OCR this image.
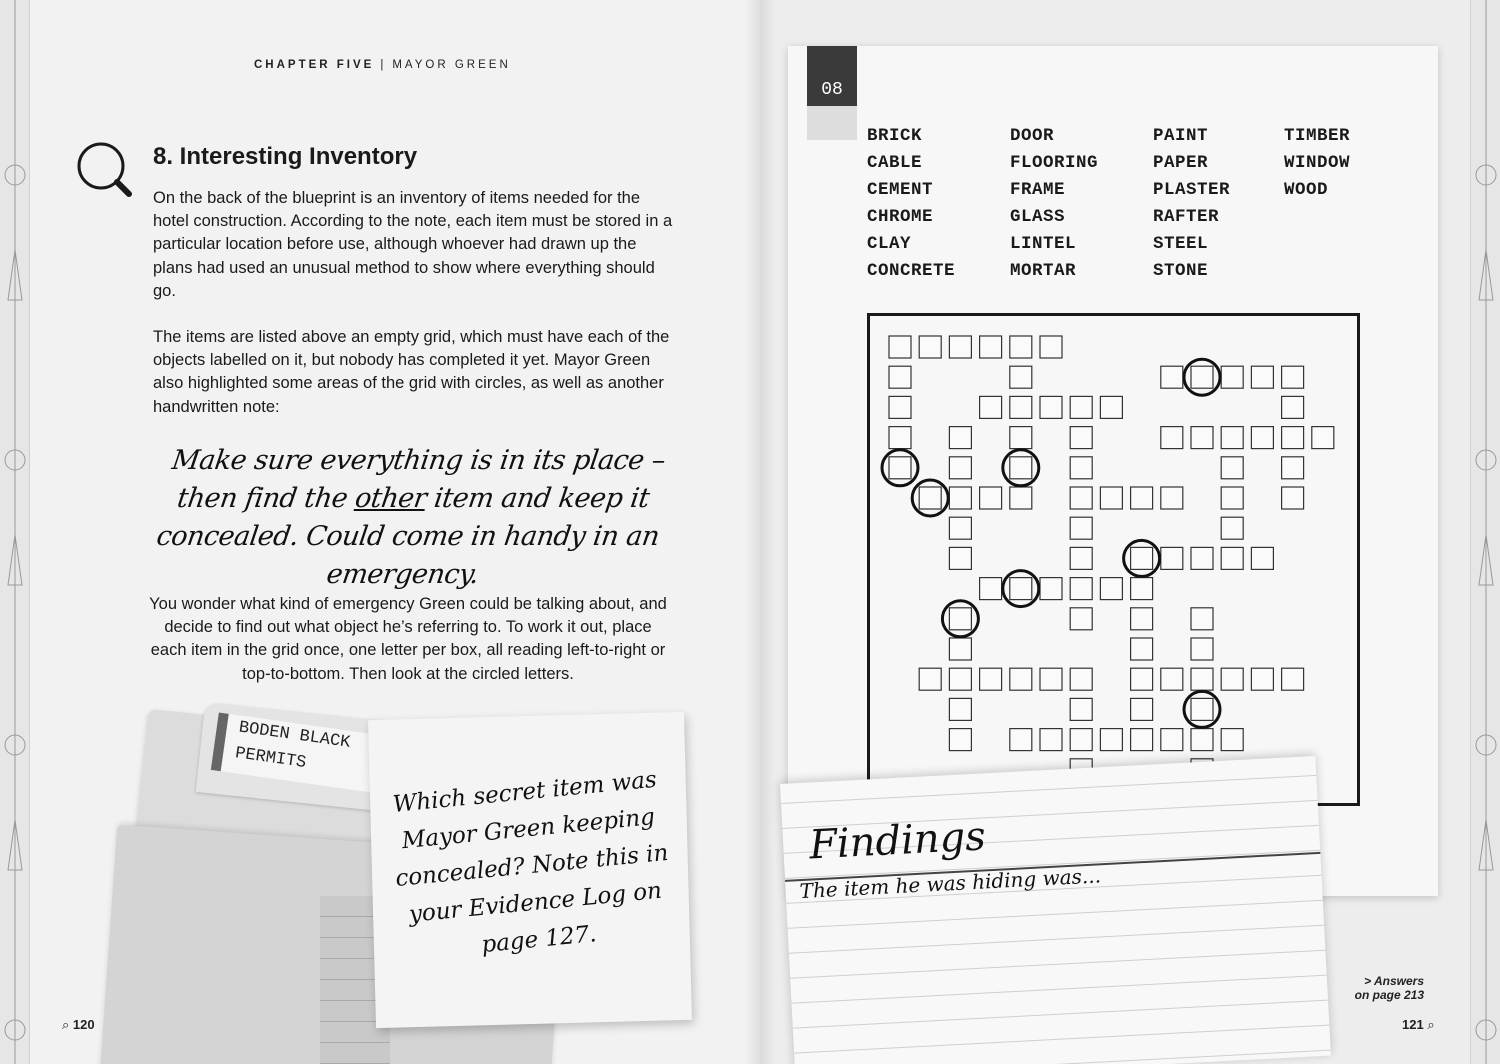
CHAPTER FIVE | MAYOR GREEN
8. Interesting Inventory
On the back of the blueprint is an inventory of items needed for the hotel construction. According to the note, each item must be stored in a particular location before use, although whoever had drawn up the plans had used an unusual method to show where everything should go.
The items are listed above an empty grid, which must have each of the objects labelled on it, but nobody has completed it yet. Mayor Green also highlighted some areas of the grid with circles, as well as another handwritten note:
Make sure everything is in its place – then find the other item and keep it concealed. Could come in handy in an emergency.
You wonder what kind of emergency Green could be talking about, and decide to find out what object he’s referring to. To work it out, place each item in the grid once, one letter per box, all reading left-to-right or top-to-bottom. Then look at the circled letters.
BODEN BLACK
PERMITS
Which secret item was Mayor Green keeping concealed? Note this in your Evidence Log on page 127.
08
BRICK
CABLE
CEMENT
CHROME
CLAY
CONCRETE
DOOR
FLOORING
FRAME
GLASS
LINTEL
MORTAR
PAINT
PAPER
PLASTER
RAFTER
STEEL
STONE
TIMBER
WINDOW
WOOD
Findings
The item he was hiding was...
> Answers
on page 213
⌕ 120	121 ⌕
